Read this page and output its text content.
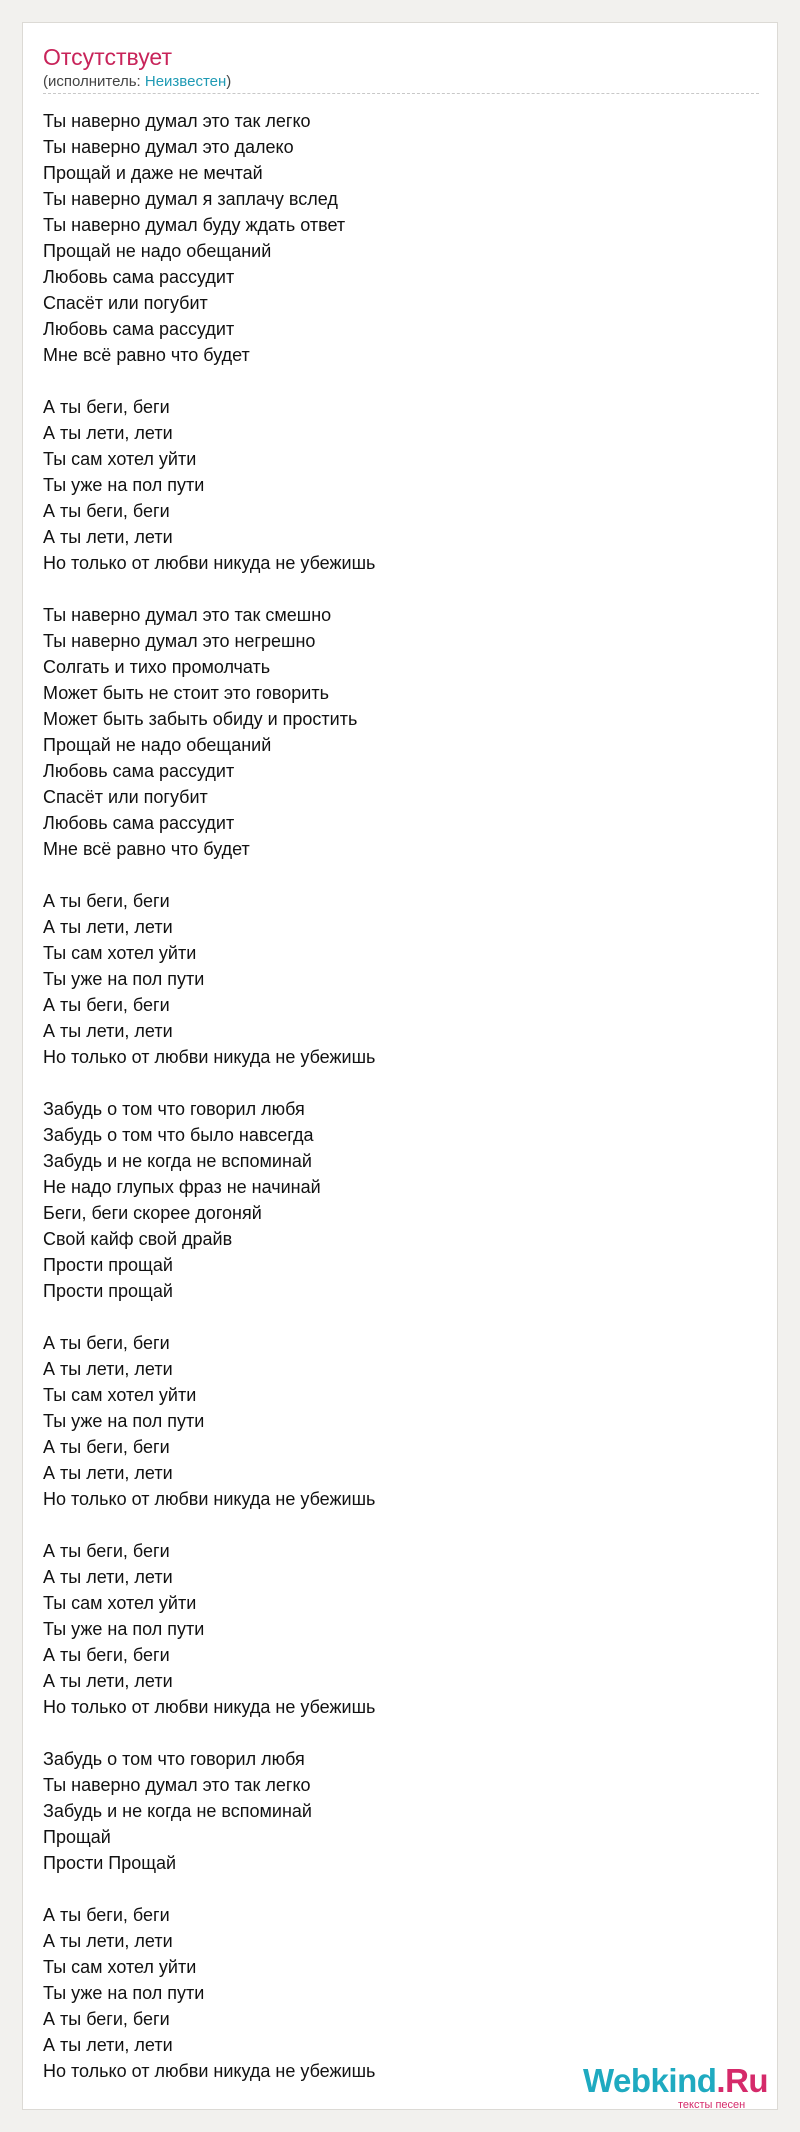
Отсутствует
(исполнитель: Неизвестен)
Ты наверно думал это так легко
Ты наверно думал это далеко
Прощай и даже не мечтай
Ты наверно думал я заплачу вслед
Ты наверно думал буду ждать ответ
Прощай не надо обещаний
Любовь сама рассудит
Спасёт или погубит
Любовь сама рассудит
Мне всё равно что будет

А ты беги, беги
А ты лети, лети
Ты сам хотел уйти
Ты уже на пол пути
А ты беги, беги
А ты лети, лети
Но только от любви никуда не убежишь

Ты наверно думал это так смешно
Ты наверно думал это негрешно
Солгать и тихо промолчать
Может быть не стоит это говорить
Может быть забыть обиду и простить
Прощай не надо обещаний
Любовь сама рассудит
Спасёт или погубит
Любовь сама рассудит
Мне всё равно что будет

А ты беги, беги
А ты лети, лети
Ты сам хотел уйти
Ты уже на пол пути
А ты беги, беги
А ты лети, лети
Но только от любви никуда не убежишь

Забудь о том что говорил любя
Забудь о том что было навсегда
Забудь и не когда не вспоминай
Не надо глупых фраз не начинай
Беги, беги скорее догоняй
Свой кайф свой драйв
Прости прощай
Прости прощай

А ты беги, беги
А ты лети, лети
Ты сам хотел уйти
Ты уже на пол пути
А ты беги, беги
А ты лети, лети
Но только от любви никуда не убежишь

А ты беги, беги
А ты лети, лети
Ты сам хотел уйти
Ты уже на пол пути
А ты беги, беги
А ты лети, лети
Но только от любви никуда не убежишь

Забудь о том что говорил любя
Ты наверно думал это так легко
Забудь и не когда не вспоминай
Прощай
Прости Прощай

А ты беги, беги
А ты лети, лети
Ты сам хотел уйти
Ты уже на пол пути
А ты беги, беги
А ты лети, лети
Но только от любви никуда не убежишь	Webkind.Ru
тексты песен
